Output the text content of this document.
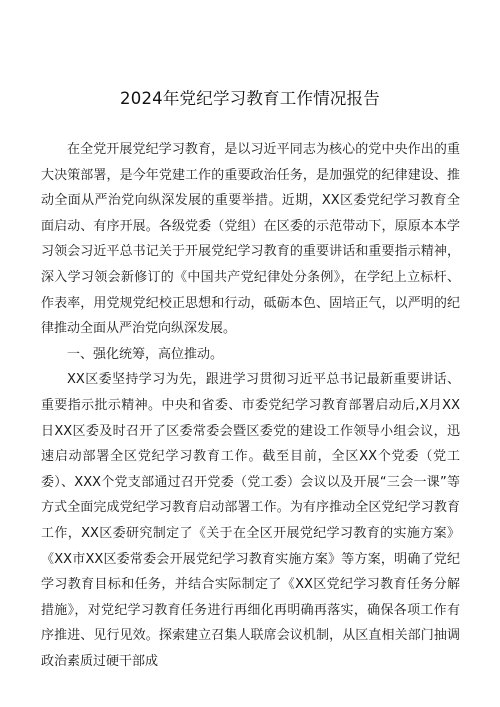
2024年党纪学习教育工作情况报告

在全党开展党纪学习教育，是以习近平同志为核心的党中央作出的重大决策部署，是今年党建工作的重要政治任务，是加强党的纪律建设、推动全面从严治党向纵深发展的重要举措。近期，XX区委党纪学习教育全面启动、有序开展。各级党委（党组）在区委的示范带动下，原原本本学习领会习近平总书记关于开展党纪学习教育的重要讲话和重要指示精神，深入学习领会新修订的《中国共产党纪律处分条例》，在学纪上立标杆、作表率，用党规党纪校正思想和行动，砥砺本色、固培正气，以严明的纪律推动全面从严治党向纵深发展。

一、强化统筹，高位推动。

XX区委坚持学习为先，跟进学习贯彻习近平总书记最新重要讲话、重要指示批示精神。中央和省委、市委党纪学习教育部署启动后,X月XX日XX区委及时召开了区委常委会暨区委党的建设工作领导小组会议，迅速启动部署全区党纪学习教育工作。截至目前，全区XX个党委（党工委）、XXX个党支部通过召开党委（党工委）会议以及开展“三会一课”等方式全面完成党纪学习教育启动部署工作。为有序推动全区党纪学习教育工作，XX区委研究制定了《关于在全区开展党纪学习教育的实施方案》《XX市XX区委常委会开展党纪学习教育实施方案》等方案，明确了党纪学习教育目标和任务，并结合实际制定了《XX区党纪学习教育任务分解措施》，对党纪学习教育任务进行再细化再明确再落实，确保各项工作有序推进、见行见效。探索建立召集人联席会议机制，从区直相关部门抽调政治素质过硬干部成
